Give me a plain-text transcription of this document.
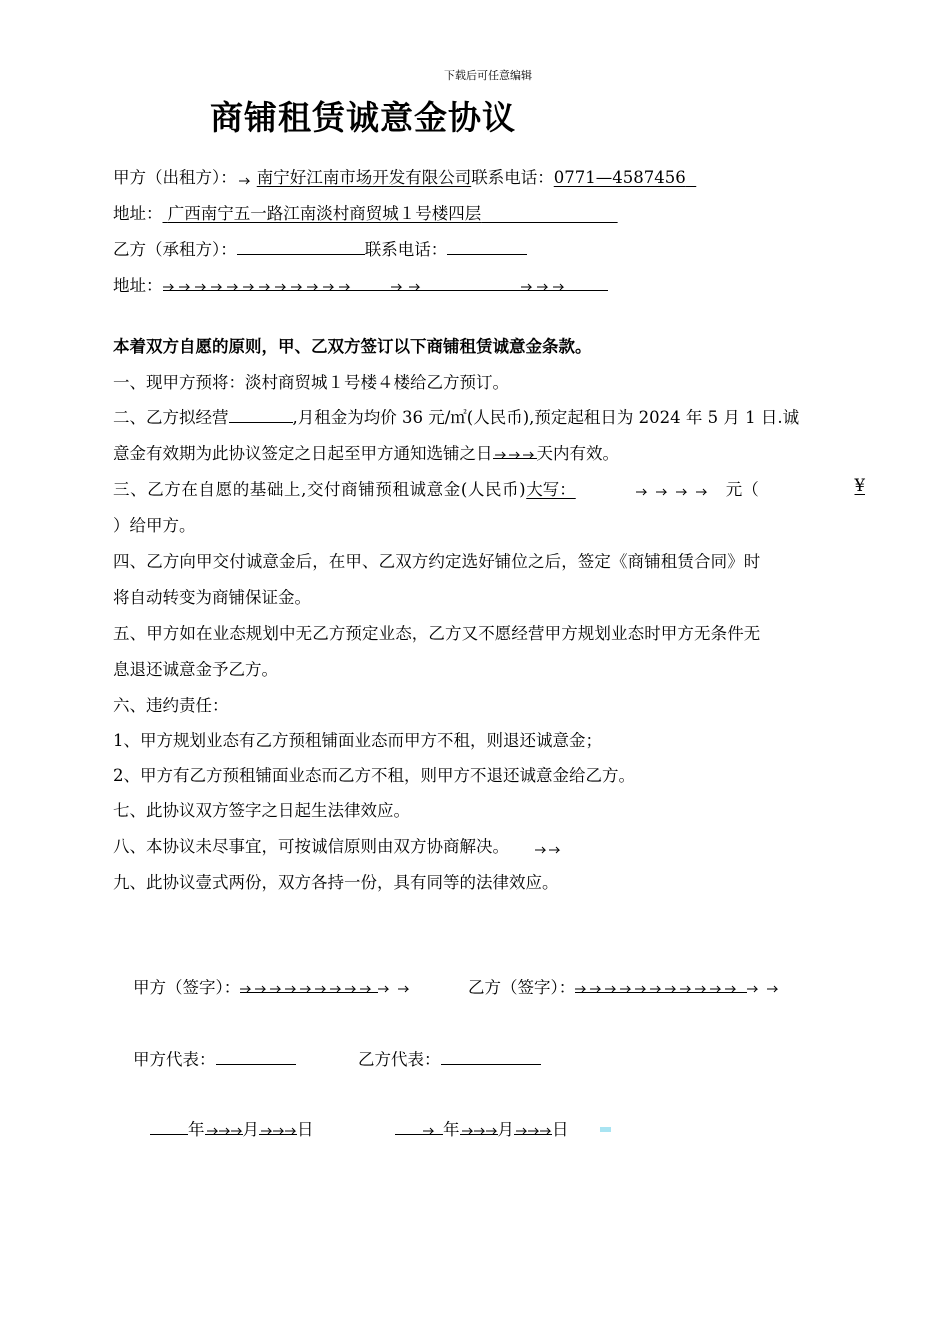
下载后可任意编辑
商铺租赁诚意金协议
甲方（出租方）： 南宁好江南市场开发有限公司联系电话：0771—4587456
地址： 广西南宁五一路江南淡村商贸城１号楼四层
乙方（承租方）：	联系电话：
地址：
本着双方自愿的原则，甲、乙双方签订以下商铺租赁诚意金条款。
一、现甲方预将：淡村商贸城１号楼４楼给乙方预订。
二、乙方拟经营	,月租金为均价 36 元/㎡(人民币),预定起租日为 2024 年 5 月 1 日.诚
意金有效期为此协议签定之日起至甲方通知选铺之日	天内有效。
三、乙方在自愿的基础上,交付商铺预租诚意金(人民币)大写：	元（	¥
）给甲方。
四、乙方向甲交付诚意金后，在甲、乙双方约定选好铺位之后，签定《商铺租赁合同》时
将自动转变为商铺保证金。
五、甲方如在业态规划中无乙方预定业态，乙方又不愿经营甲方规划业态时甲方无条件无
息退还诚意金予乙方。
六、违约责任：
1、甲方规划业态有乙方预租铺面业态而甲方不租，则退还诚意金；
2、甲方有乙方预租铺面业态而乙方不租，则甲方不退还诚意金给乙方。
七、此协议双方签字之日起生法律效应。
八、本协议未尽事宜，可按诚信原则由双方协商解决。
九、此协议壹式两份，双方各持一份，具有同等的法律效应。
甲方（签字）：	乙方（签字）：
甲方代表：	乙方代表：
年 月 日	年 月 日
